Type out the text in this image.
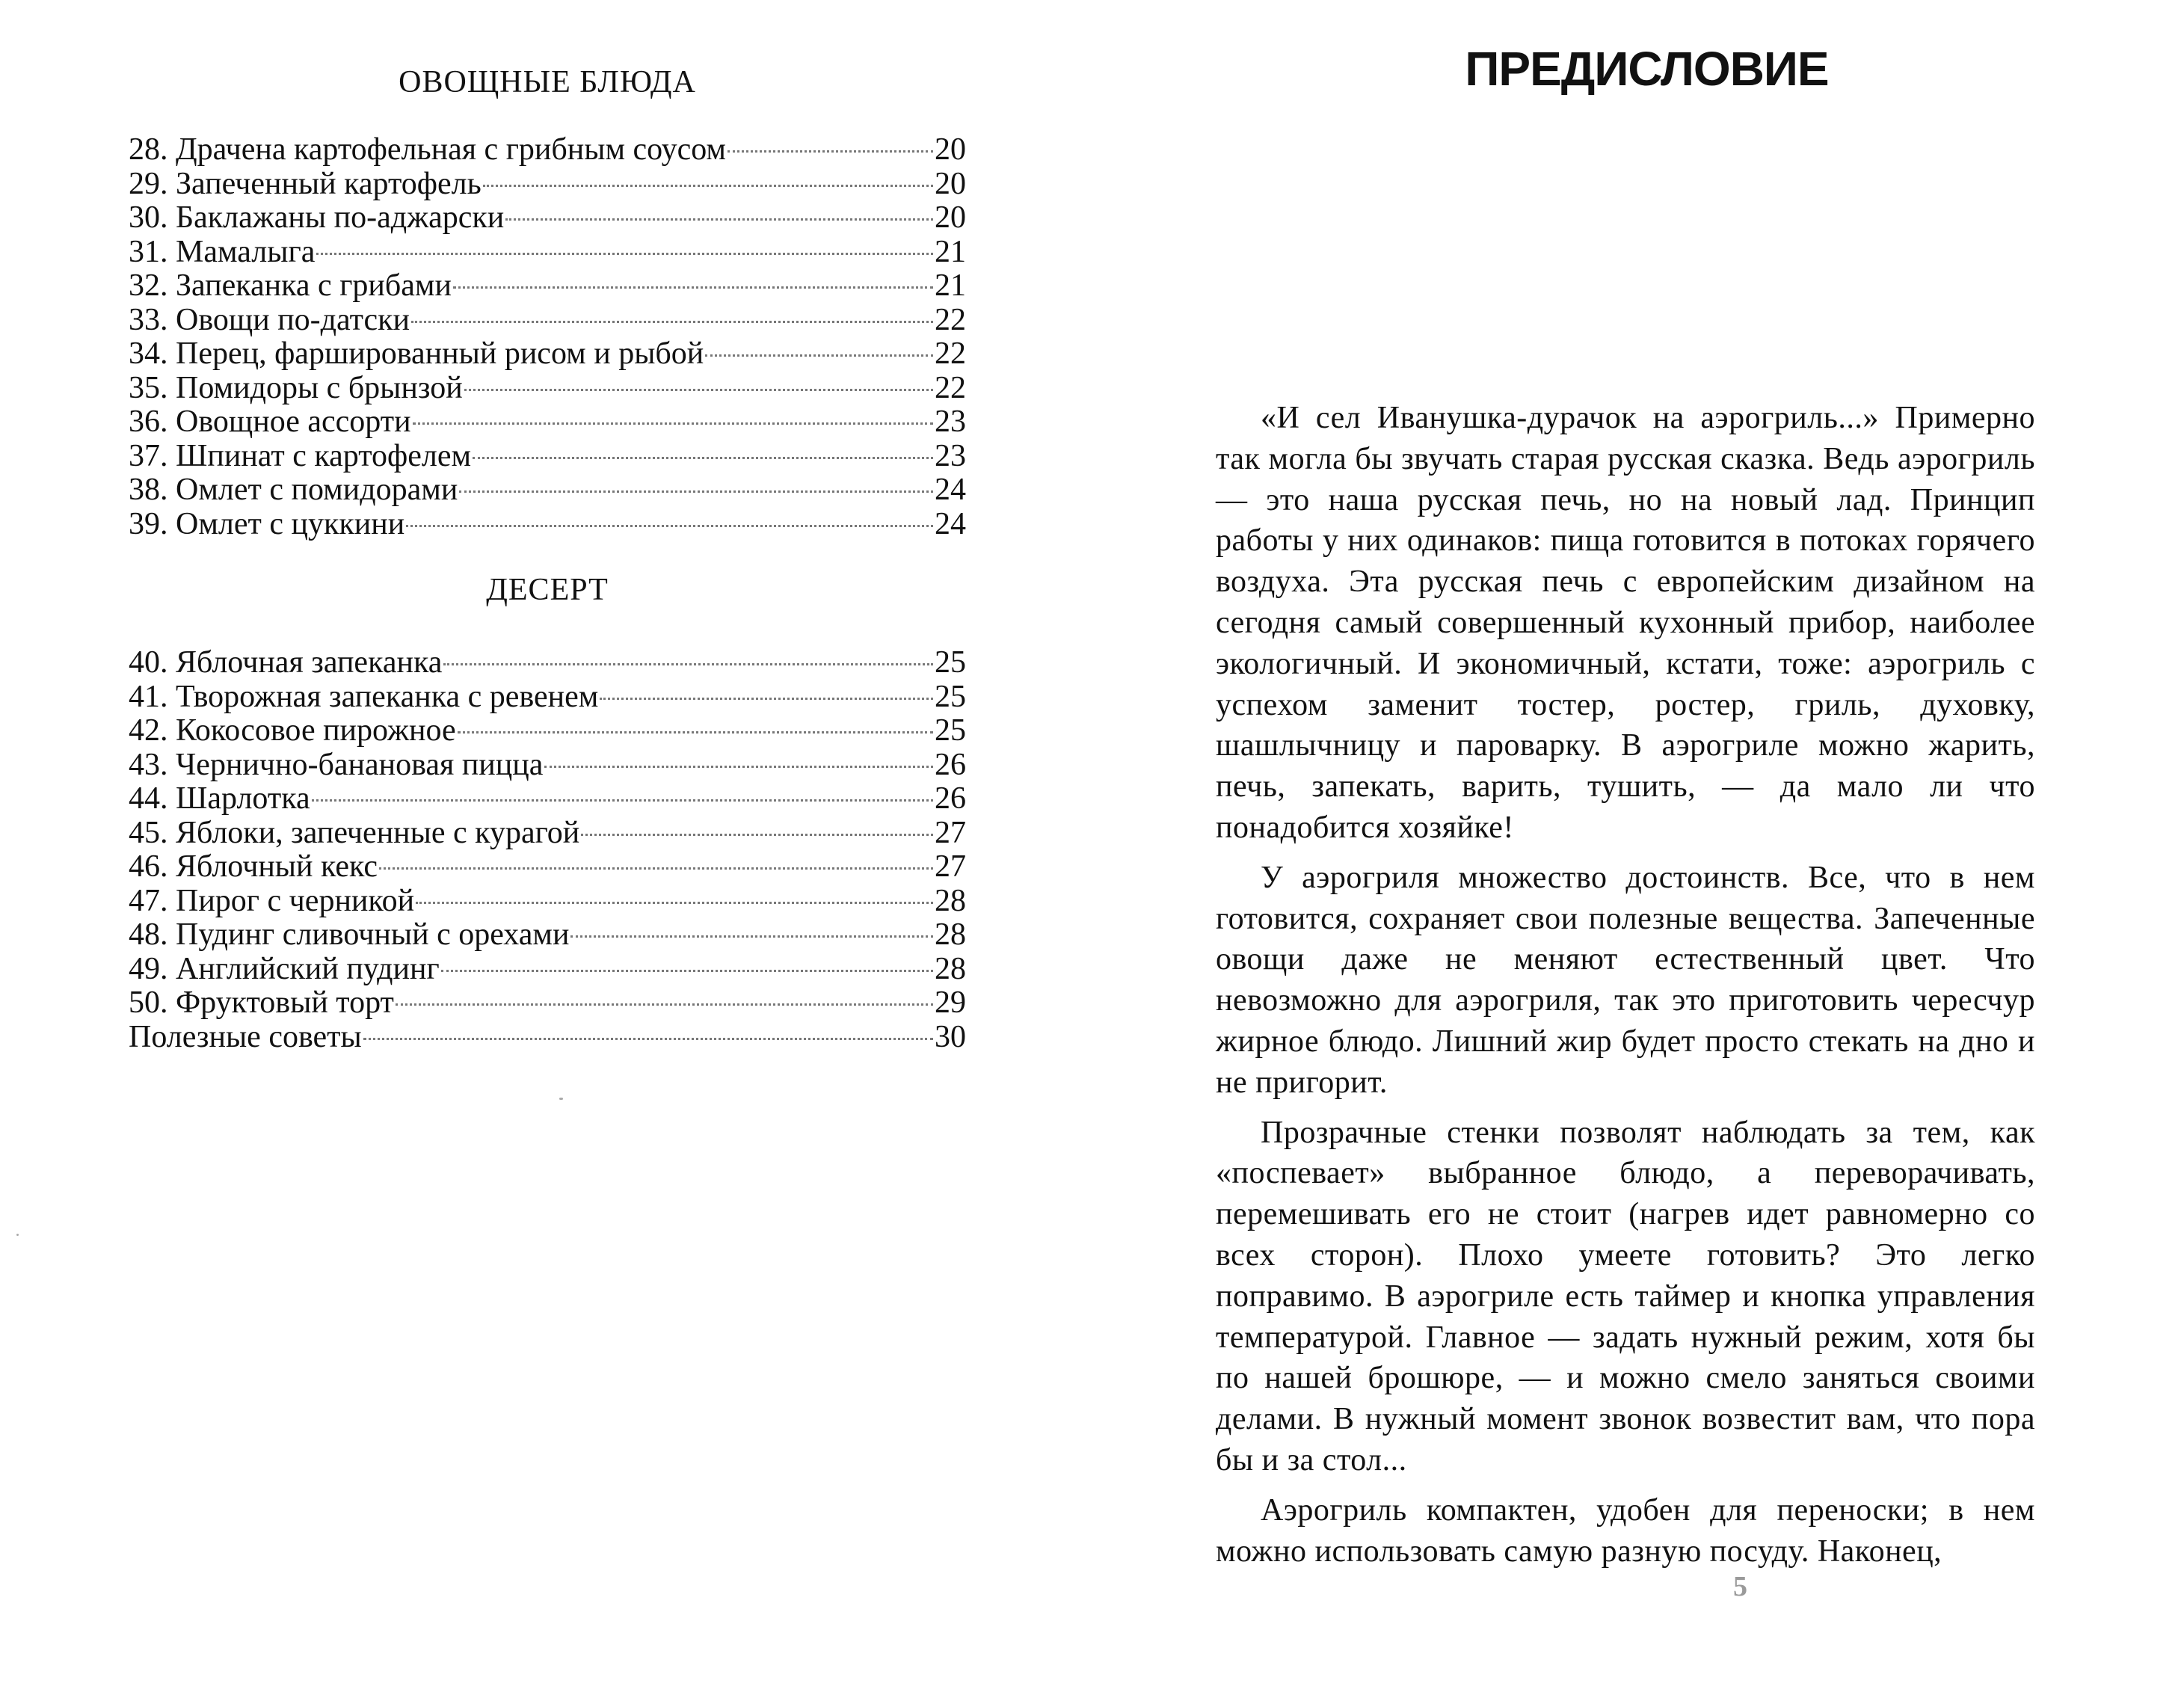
ОВОЩНЫЕ БЛЮДА
28. Драчена картофельная с грибным соусом	20
29. Запеченный картофель	20
30. Баклажаны по-аджарски	20
31. Мамалыга	21
32. Запеканка с грибами	21
33. Овощи по-датски	22
34. Перец, фаршированный рисом и рыбой	22
35. Помидоры с брынзой	22
36. Овощное ассорти	23
37. Шпинат с картофелем	23
38. Омлет с помидорами	24
39. Омлет с цуккини	24
ДЕСЕРТ
40. Яблочная запеканка	25
41. Творожная запеканка с ревенем	25
42. Кокосовое пирожное	25
43. Чернично-банановая пицца	26
44. Шарлотка	26
45. Яблоки, запеченные с курагой	27
46. Яблочный кекс	27
47. Пирог с черникой	28
48. Пудинг сливочный с орехами	28
49. Английский пудинг	28
50. Фруктовый торт	29
Полезные советы	30
ПРЕДИСЛОВИЕ

«И сел Иванушка-дурачок на аэрогриль...» Примерно так могла бы звучать старая русская сказка. Ведь аэрогриль — это наша русская печь, но на новый лад. Принцип работы у них одинаков: пища готовится в потоках горячего воздуха. Эта русская печь с европейским дизайном на сегодня самый совершенный кухонный прибор, наиболее экологичный. И экономичный, кстати, тоже: аэрогриль с успехом заменит тостер, ростер, гриль, духовку, шашлычницу и пароварку. В аэрогриле можно жарить, печь, запекать, варить, тушить, — да мало ли что понадобится хозяйке!

У аэрогриля множество достоинств. Все, что в нем готовится, сохраняет свои полезные вещества. Запеченные овощи даже не меняют естественный цвет. Что невозможно для аэрогриля, так это приготовить чересчур жирное блюдо. Лишний жир будет просто стекать на дно и не пригорит.

Прозрачные стенки позволят наблюдать за тем, как «поспевает» выбранное блюдо, а переворачивать, перемешивать его не стоит (нагрев идет равномерно со всех сторон). Плохо умеете готовить? Это легко поправимо. В аэрогриле есть таймер и кнопка управления температурой. Главное — задать нужный режим, хотя бы по нашей брошюре, — и можно смело заняться своими делами. В нужный момент звонок возвестит вам, что пора бы и за стол...

Аэрогриль компактен, удобен для переноски; в нем можно использовать самую разную посуду. Наконец,

5
